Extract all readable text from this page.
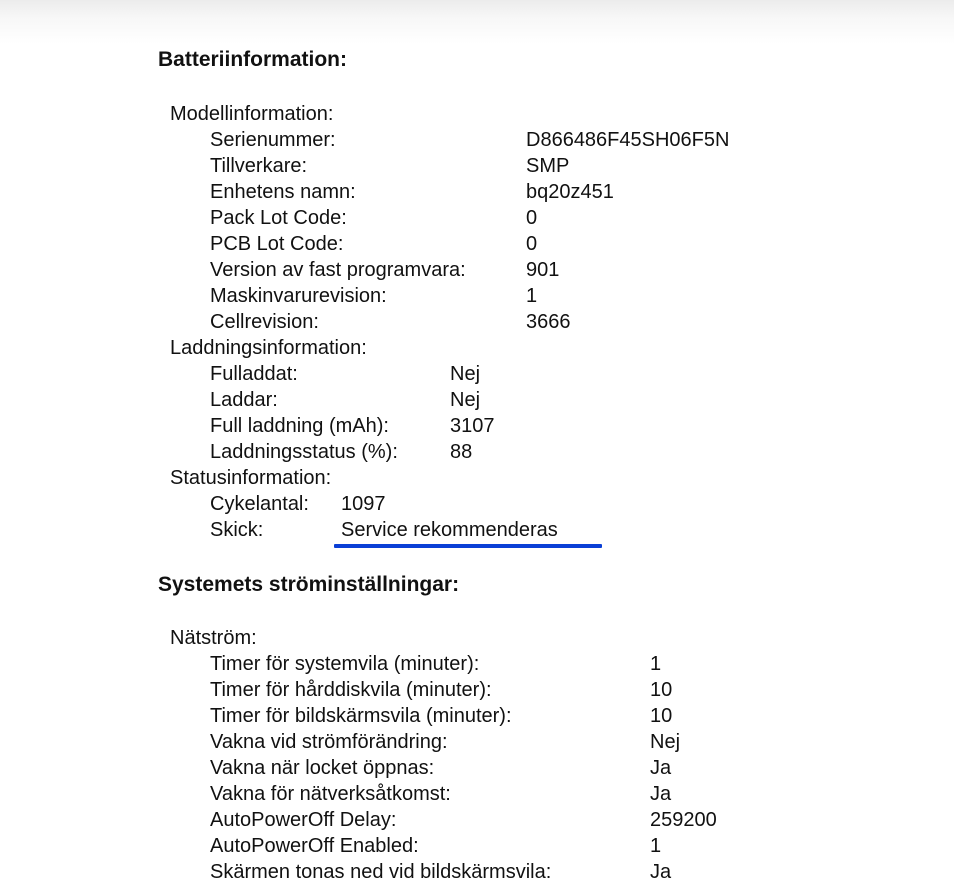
Batteriinformation:
Modellinformation:
Serienummer:	D866486F45SH06F5N
Tillverkare:	SMP
Enhetens namn:	bq20z451
Pack Lot Code:	0
PCB Lot Code:	0
Version av fast programvara:	901
Maskinvarurevision:	1
Cellrevision:	3666
Laddningsinformation:
Fulladdat:	Nej
Laddar:	Nej
Full laddning (mAh):	3107
Laddningsstatus (%):	88
Statusinformation:
Cykelantal: 1097
Skick:	Service rekommenderas
Systemets ströminställningar:
Nätström:
Timer för systemvila (minuter):	1
Timer för hårddiskvila (minuter):	10
Timer för bildskärmsvila (minuter):	10
Vakna vid strömförändring:	Nej
Vakna när locket öppnas:	Ja
Vakna för nätverksåtkomst:	Ja
AutoPowerOff Delay:	259200
AutoPowerOff Enabled:	1
Skärmen tonas ned vid bildskärmsvila:	Ja
